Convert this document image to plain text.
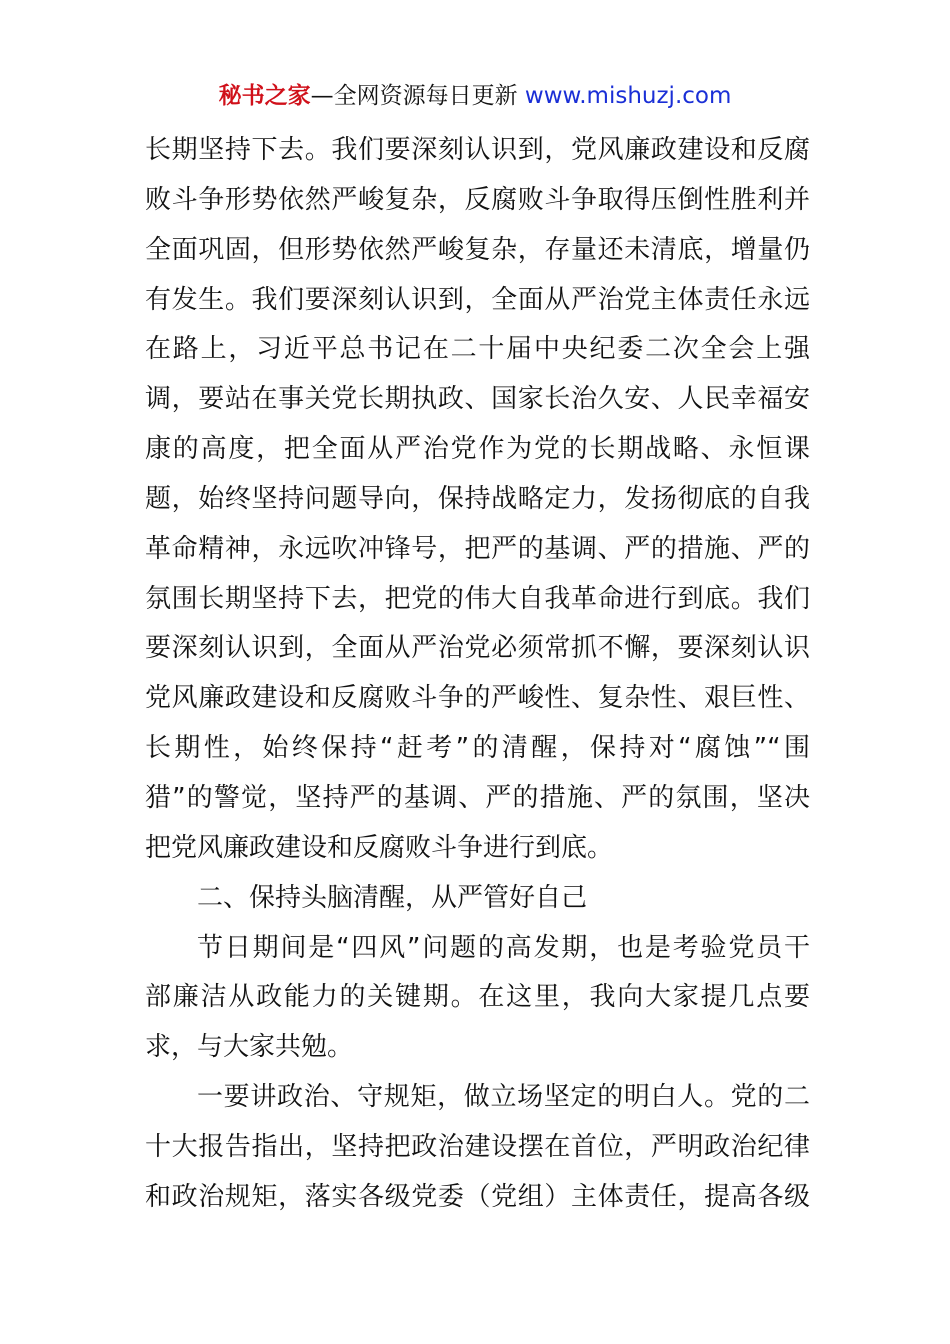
秘书之家—全网资源每日更新 www.mishuzj.com
长期坚持下去。我们要深刻认识到，党风廉政建设和反腐
败斗争形势依然严峻复杂，反腐败斗争取得压倒性胜利并
全面巩固，但形势依然严峻复杂，存量还未清底，增量仍
有发生。我们要深刻认识到，全面从严治党主体责任永远
在路上，习近平总书记在二十届中央纪委二次全会上强
调，要站在事关党长期执政、国家长治久安、人民幸福安
康的高度，把全面从严治党作为党的长期战略、永恒课
题，始终坚持问题导向，保持战略定力，发扬彻底的自我
革命精神，永远吹冲锋号，把严的基调、严的措施、严的
氛围长期坚持下去，把党的伟大自我革命进行到底。我们
要深刻认识到，全面从严治党必须常抓不懈，要深刻认识
党风廉政建设和反腐败斗争的严峻性、复杂性、艰巨性、
长期性，始终保持“赶考”的清醒，保持对“腐蚀”“围
猎”的警觉，坚持严的基调、严的措施、严的氛围，坚决
把党风廉政建设和反腐败斗争进行到底。
二、保持头脑清醒，从严管好自己
节日期间是“四风”问题的高发期，也是考验党员干
部廉洁从政能力的关键期。在这里，我向大家提几点要
求，与大家共勉。
一要讲政治、守规矩，做立场坚定的明白人。党的二
十大报告指出，坚持把政治建设摆在首位，严明政治纪律
和政治规矩，落实各级党委（党组）主体责任，提高各级
